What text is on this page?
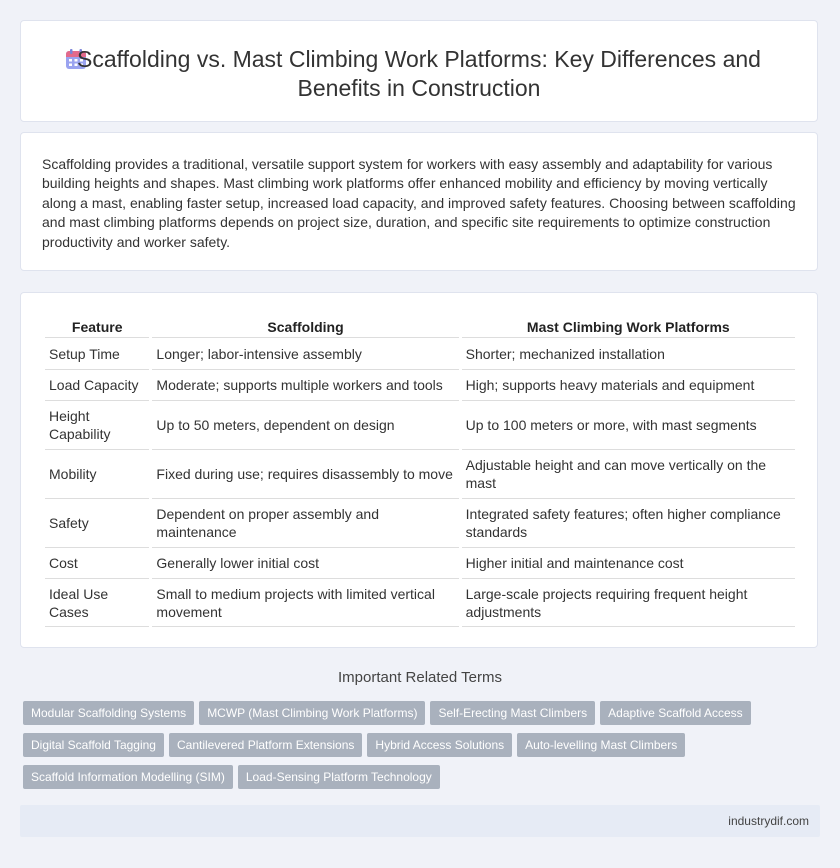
Scaffolding vs. Mast Climbing Work Platforms: Key Differences and Benefits in Construction

Scaffolding provides a traditional, versatile support system for workers with easy assembly and adaptability for various building heights and shapes. Mast climbing work platforms offer enhanced mobility and efficiency by moving vertically along a mast, enabling faster setup, increased load capacity, and improved safety features. Choosing between scaffolding and mast climbing platforms depends on project size, duration, and specific site requirements to optimize construction productivity and worker safety.

Feature	Scaffolding	Mast Climbing Work Platforms
Setup Time	Longer; labor-intensive assembly	Shorter; mechanized installation
Load Capacity	Moderate; supports multiple workers and tools	High; supports heavy materials and equipment
Height Capability	Up to 50 meters, dependent on design	Up to 100 meters or more, with mast segments
Mobility	Fixed during use; requires disassembly to move	Adjustable height and can move vertically on the mast
Safety	Dependent on proper assembly and maintenance	Integrated safety features; often higher compliance standards
Cost	Generally lower initial cost	Higher initial and maintenance cost
Ideal Use Cases	Small to medium projects with limited vertical movement	Large-scale projects requiring frequent height adjustments
Important Related Terms
Modular Scaffolding Systems MCWP (Mast Climbing Work Platforms) Self-Erecting Mast Climbers Adaptive Scaffold Access
Digital Scaffold Tagging Cantilevered Platform Extensions Hybrid Access Solutions Auto-levelling Mast Climbers
Scaffold Information Modelling (SIM) Load-Sensing Platform Technology
industrydif.com
